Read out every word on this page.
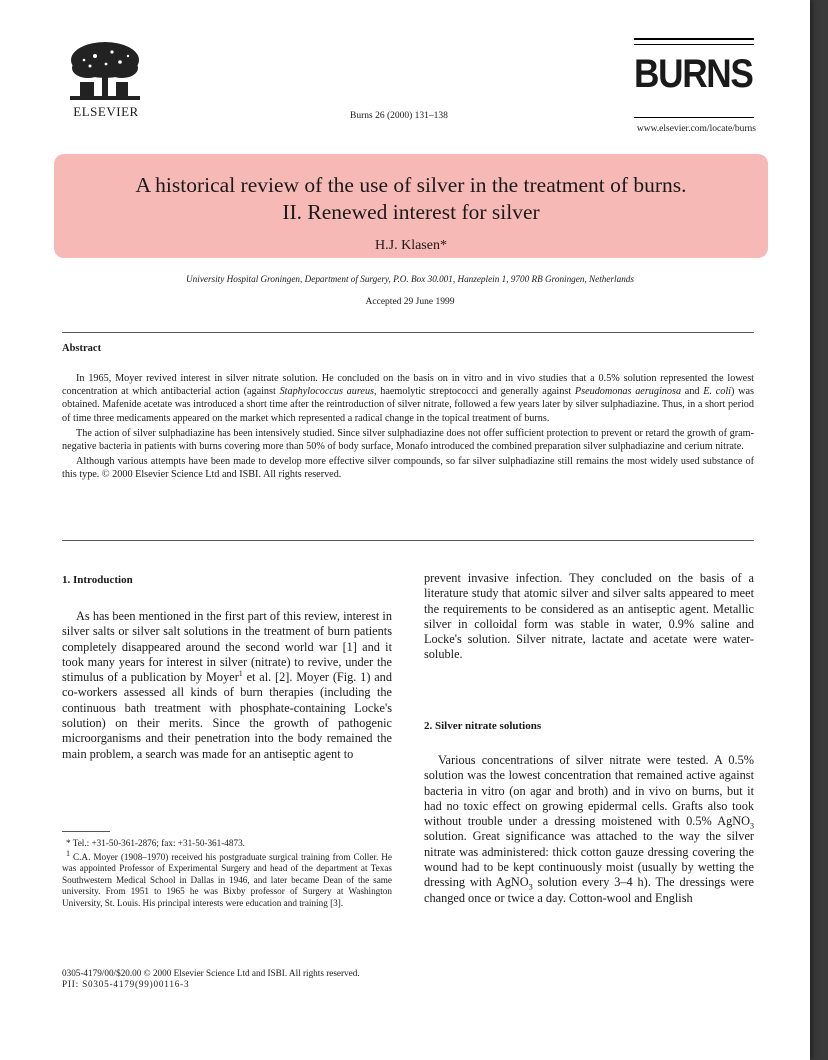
ELSEVIER	Burns 26 (2000) 131–138
BURNS
www.elsevier.com/locate/burns
A historical review of the use of silver in the treatment of burns.
II. Renewed interest for silver
H.J. Klasen*
University Hospital Groningen, Department of Surgery, P.O. Box 30.001, Hanzeplein 1, 9700 RB Groningen, Netherlands
Accepted 29 June 1999
Abstract

In 1965, Moyer revived interest in silver nitrate solution. He concluded on the basis on in vitro and in vivo studies that a 0.5% solution represented the lowest concentration at which antibacterial action (against Staphylococcus aureus, haemolytic streptococci and generally against Pseudomonas aeruginosa and E. coli) was obtained. Mafenide acetate was introduced a short time after the reintroduction of silver nitrate, followed a few years later by silver sulphadiazine. Thus, in a short period of time three medicaments appeared on the market which represented a radical change in the topical treatment of burns.

The action of silver sulphadiazine has been intensively studied. Since silver sulphadiazine does not offer sufficient protection to prevent or retard the growth of gram-negative bacteria in patients with burns covering more than 50% of body surface, Monafo introduced the combined preparation silver sulphadiazine and cerium nitrate.

Although various attempts have been made to develop more effective silver compounds, so far silver sulphadiazine still remains the most widely used substance of this type. © 2000 Elsevier Science Ltd and ISBI. All rights reserved.

1. Introduction
As has been mentioned in the first part of this review, interest in silver salts or silver salt solutions in the treatment of burn patients completely disappeared around the second world war [1] and it took many years for interest in silver (nitrate) to revive, under the stimulus of a publication by Moyer$^1$ et al. [2]. Moyer (Fig. 1) and co-workers assessed all kinds of burn therapies (including the continuous bath treatment with phosphate-containing Locke's solution) on their merits. Since the growth of pathogenic microorganisms and their penetration into the body remained the main problem, a search was made for an antiseptic agent to

* Tel.: +31-50-361-2876; fax: +31-50-361-4873.

$^1$ C.A. Moyer (1908–1970) received his postgraduate surgical training from Coller. He was appointed Professor of Experimental Surgery and head of the department at Texas Southwestern Medical School in Dallas in 1946, and later became Dean of the same university. From 1951 to 1965 he was Bixby professor of Surgery at Washington University, St. Louis. His principal interests were education and training [3].

0305-4179/00/$20.00 © 2000 Elsevier Science Ltd and ISBI. All rights reserved.
PII: S0305-4179(99)00116-3
prevent invasive infection. They concluded on the basis of a literature study that atomic silver and silver salts appeared to meet the requirements to be considered as an antiseptic agent. Metallic silver in colloidal form was stable in water, 0.9% saline and Locke's solution. Silver nitrate, lactate and acetate were water-soluble.
2. Silver nitrate solutions
Various concentrations of silver nitrate were tested. A 0.5% solution was the lowest concentration that remained active against bacteria in vitro (on agar and broth) and in vivo on burns, but it had no toxic effect on growing epidermal cells. Grafts also took without trouble under a dressing moistened with 0.5% AgNO$_3$ solution. Great significance was attached to the way the silver nitrate was administered: thick cotton gauze dressing covering the wound had to be kept continuously moist (usually by wetting the dressing with AgNO$_3$ solution every 3–4 h). The dressings were changed once or twice a day. Cotton-wool and English
